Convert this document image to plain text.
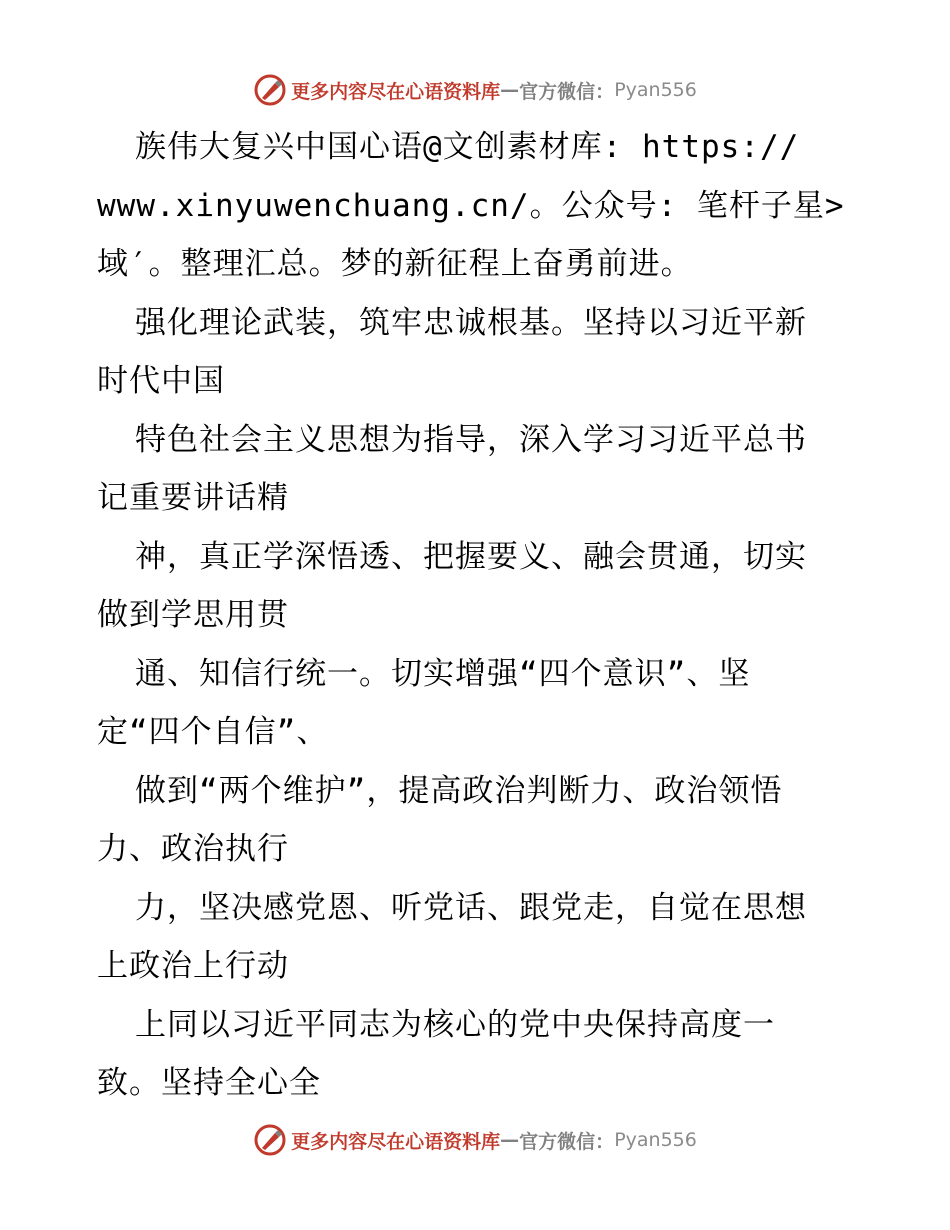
更多内容尽在心语资料库 — 官方微信： Pyan556
族伟大复兴中国心语@文创素材库: https://
www.xinyuwenchuang.cn/。公众号: 笔杆子星>
域′。整理汇总。梦的新征程上奋勇前进。
强化理论武装，筑牢忠诚根基。坚持以习近平新
时代中国
特色社会主义思想为指导，深入学习习近平总书
记重要讲话精
神，真正学深悟透、把握要义、融会贯通，切实
做到学思用贯
通、知信行统一。切实增强“四个意识”、坚
定“四个自信”、
做到“两个维护”，提高政治判断力、政治领悟
力、政治执行
力，坚决感党恩、听党话、跟党走，自觉在思想
上政治上行动
上同以习近平同志为核心的党中央保持高度一
致。坚持全心全
更多内容尽在心语资料库 — 官方微信： Pyan556
